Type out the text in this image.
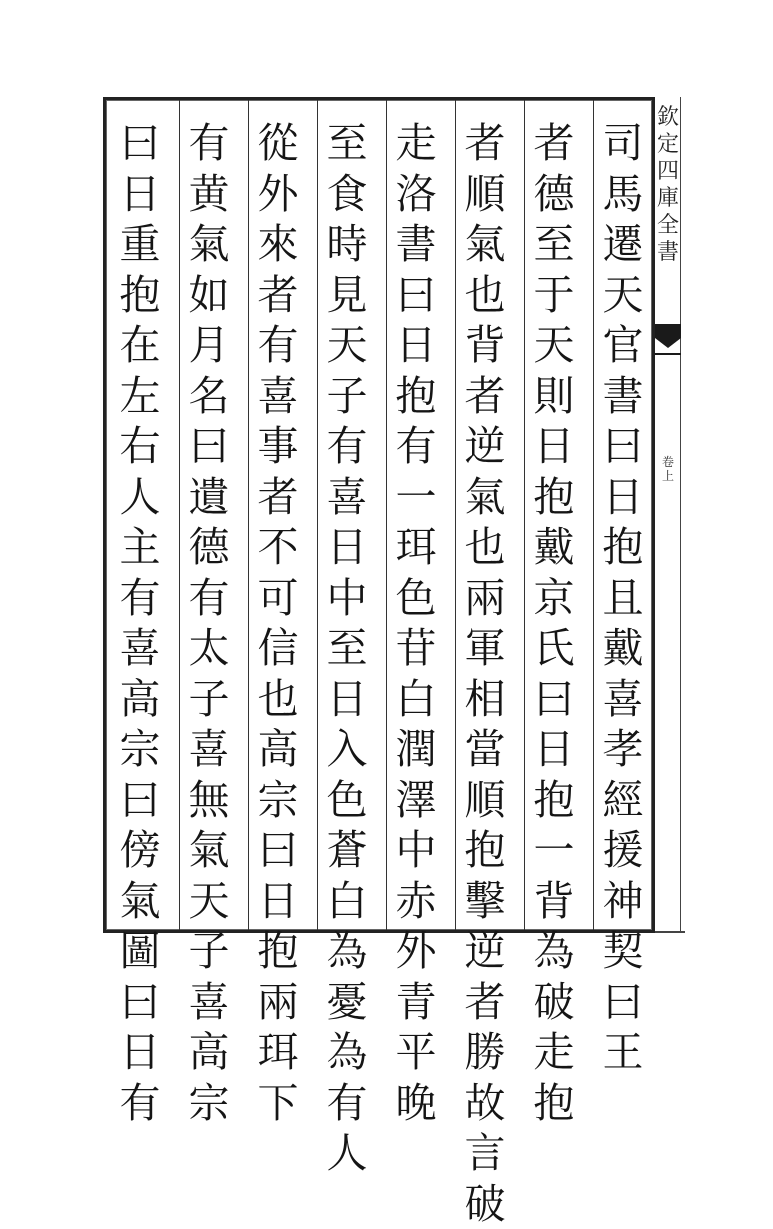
司
馬
遷
天
官
書
曰
日
抱
且
戴
喜
孝
經
援
神
契
曰
王
者
德
至
于
天
則
日
抱
戴
京
氏
曰
日
抱
一
背
為
破
走
抱
者
順
氣
也
背
者
逆
氣
也
兩
軍
相
當
順
抱
擊
逆
者
勝
故
言
破
走
洛
書
曰
日
抱
有
一
珥
色
苷
白
潤
澤
中
赤
外
青
平
晚
至
食
時
見
天
子
有
喜
日
中
至
日
入
色
蒼
白
為
憂
為
有
人
從
外
來
者
有
喜
事
者
不
可
信
也
高
宗
曰
日
抱
兩
珥
下
有
黄
氣
如
月
名
曰
遺
德
有
太
子
喜
無
氣
天
子
喜
高
宗
曰
日
重
抱
在
左
右
人
主
有
喜
高
宗
曰
傍
氣
圖
曰
日
有
欽
定
四
庫
全
書
卷
上
